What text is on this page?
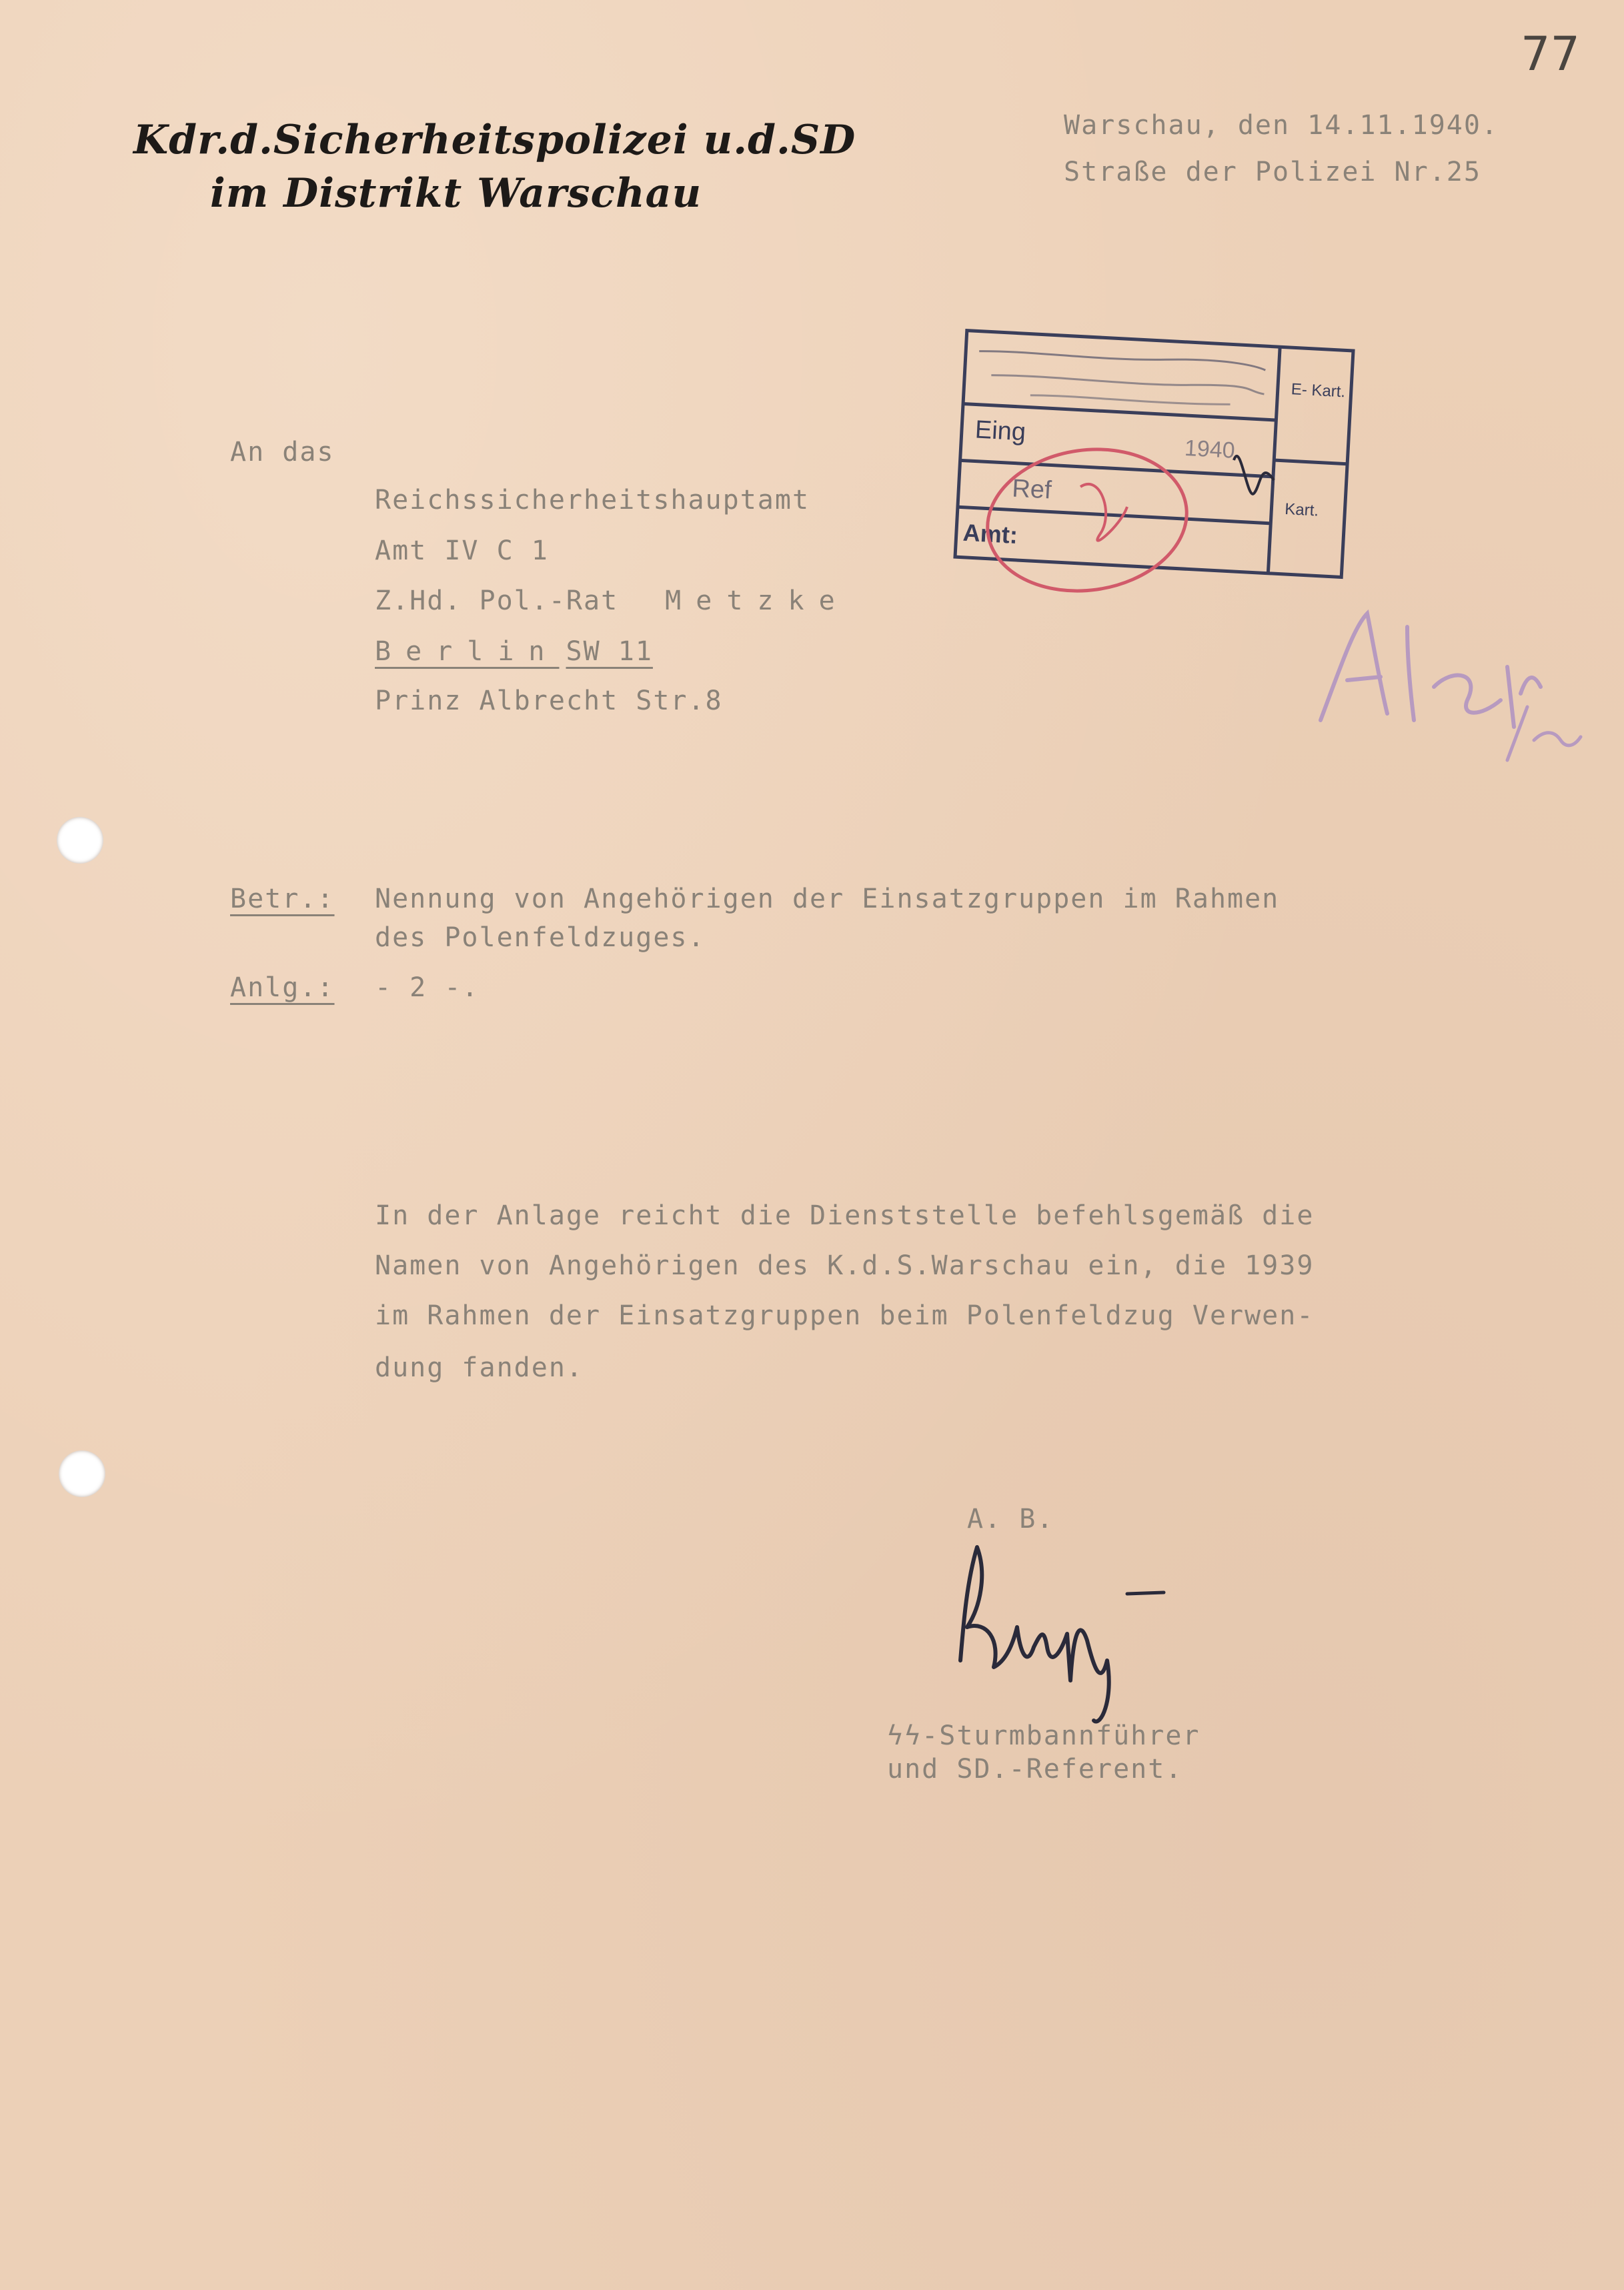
77
Kdr.d.Sicherheitspolizei u.d.SD
im Distrikt Warschau
Warschau, den 14.11.1940.
Straße der Polizei Nr.25
Eing
Ref
Amt:
1940
E- Kart.
Kart.
An das
Reichssicherheitshauptamt
Amt IV C 1
Z.Hd. Pol.-Rat Metzke
Berlin SW 11
Prinz Albrecht Str.8
Betr.: Nennung von Angehörigen der Einsatzgruppen im Rahmen
des Polenfeldzuges.
Anlg.: - 2 -.
In der Anlage reicht die Dienststelle befehlsgemäß die
Namen von Angehörigen des K.d.S.Warschau ein, die 1939
im Rahmen der Einsatzgruppen beim Polenfeldzug Verwen-
dung fanden.
A. B.
ϟϟ-Sturmbannführer
und SD.-Referent.
